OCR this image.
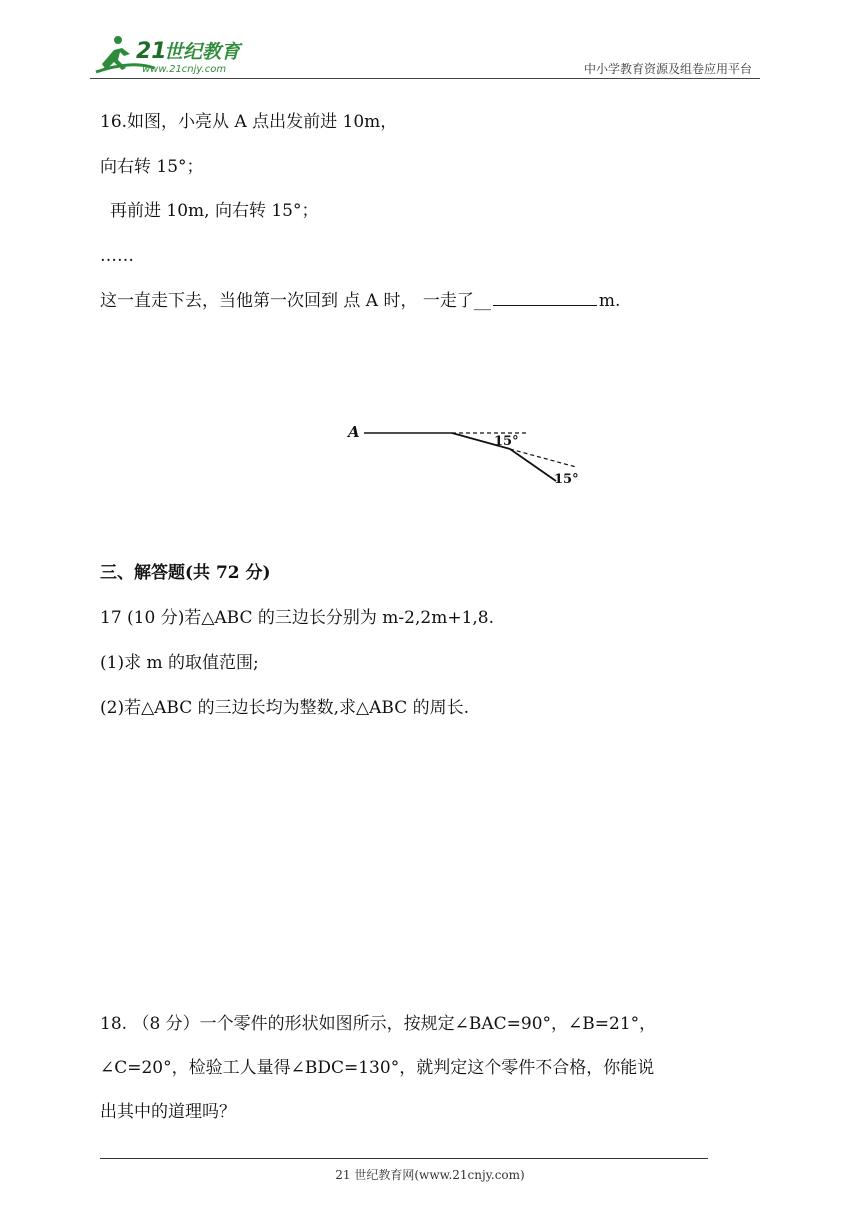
21
世纪教育
www.21cnjy.com	中小学教育资源及组卷应用平台
16.如图，小亮从 A 点出发前进 10m，
向右转 15°；
再前进 10m, 向右转 15°；
……
这一直走下去，当他第一次回到 点 A 时， 一走了__	m.
A
15°
15°
三、解答题(共 72 分)
17 (10 分)若△ABC 的三边长分别为 m-2,2m+1,8.
(1)求 m 的取值范围;
(2)若△ABC 的三边长均为整数,求△ABC 的周长.
18. （8 分）一个零件的形状如图所示，按规定∠BAC=90°，∠B=21°，
∠C=20°，检验工人量得∠BDC=130°，就判定这个零件不合格，你能说
出其中的道理吗？
21 世纪教育网(www.21cnjy.com)
